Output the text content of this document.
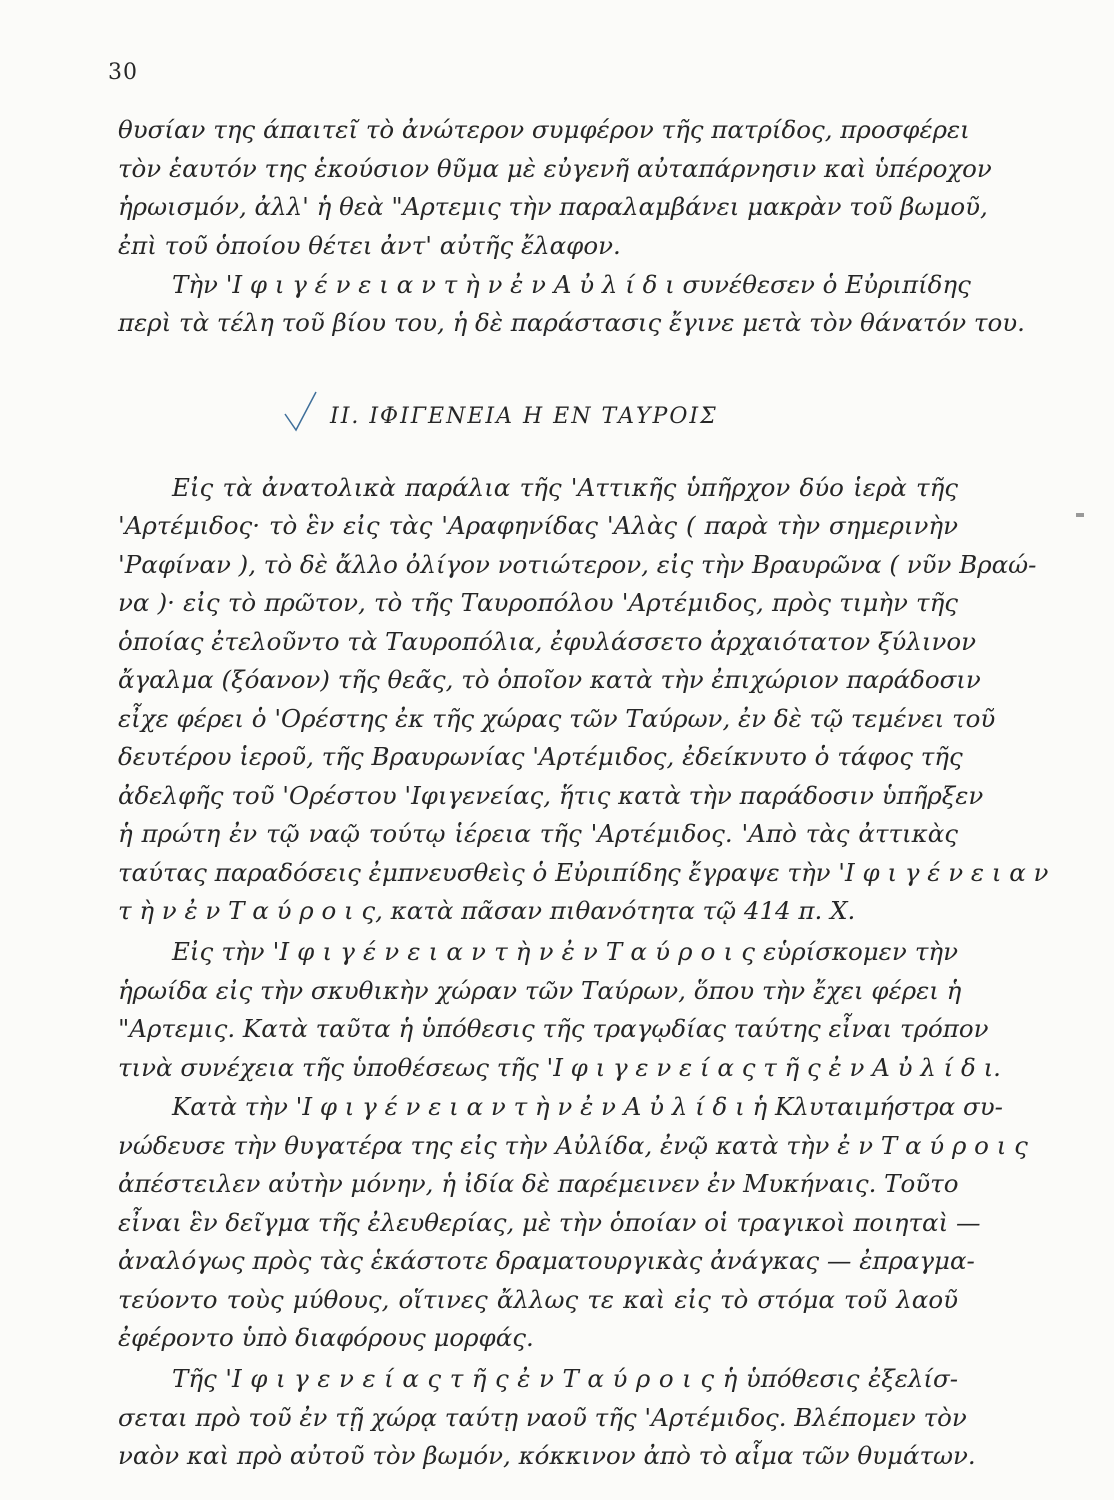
30
θυσίαν της άπαιτεῖ τὸ ἀνώτερον συμφέρον τῆς πατρίδος, προσφέρει
τὸν ἑαυτόν της ἑκούσιον θῦμα μὲ εὐγενῆ αὐταπάρνησιν καὶ ὑπέροχον
ἡρωισμόν, ἀλλ' ἡ θεὰ "Αρτεμις τὴν παραλαμβάνει μακρὰν τοῦ βωμοῦ,
ἐπὶ τοῦ ὁποίου θέτει ἀντ' αὐτῆς ἔλαφον.
Τὴν 'Ι φ ι γ έ ν ε ι α ν τ ὴ ν ἐ ν Α ὐ λ ί δ ι συνέθεσεν ὁ Εὐριπίδης
περὶ τὰ τέλη τοῦ βίου του, ἡ δὲ παράστασις ἔγινε μετὰ τὸν θάνατόν του.
ΙΙ. ΙΦΙΓΕΝΕΙΑ Η ΕΝ ΤΑΥΡΟΙΣ
Εἰς τὰ ἀνατολικὰ παράλια τῆς 'Αττικῆς ὑπῆρχον δύο ἱερὰ τῆς
'Αρτέμιδος· τὸ ἓν εἰς τὰς 'Αραφηνίδας 'Αλὰς ( παρὰ τὴν σημερινὴν
'Ραφίναν ), τὸ δὲ ἄλλο ὀλίγον νοτιώτερον, εἰς τὴν Βραυρῶνα ( νῦν Βραώ-
να )· εἰς τὸ πρῶτον, τὸ τῆς Ταυροπόλου 'Αρτέμιδος, πρὸς τιμὴν τῆς
ὁποίας ἐτελοῦντο τὰ Ταυροπόλια, ἐφυλάσσετο ἀρχαιότατον ξύλινον
ἄγαλμα (ξόανον) τῆς θεᾶς, τὸ ὁποῖον κατὰ τὴν ἐπιχώριον παράδοσιν
εἶχε φέρει ὁ 'Ορέστης ἐκ τῆς χώρας τῶν Ταύρων, ἐν δὲ τῷ τεμένει τοῦ
δευτέρου ἱεροῦ, τῆς Βραυρωνίας 'Αρτέμιδος, ἐδείκνυτο ὁ τάφος τῆς
ἀδελφῆς τοῦ 'Ορέστου 'Ιφιγενείας, ἥτις κατὰ τὴν παράδοσιν ὑπῆρξεν
ἡ πρώτη ἐν τῷ ναῷ τούτῳ ἱέρεια τῆς 'Αρτέμιδος. 'Απὸ τὰς ἀττικὰς
ταύτας παραδόσεις ἐμπνευσθεὶς ὁ Εὐριπίδης ἔγραψε τὴν 'Ι φ ι γ έ ν ε ι α ν
τ ὴ ν ἐ ν Τ α ύ ρ ο ι ς, κατὰ πᾶσαν πιθανότητα τῷ 414 π. Χ.
Εἰς τὴν 'Ι φ ι γ έ ν ε ι α ν τ ὴ ν ἐ ν Τ α ύ ρ ο ι ς εὑρίσκομεν τὴν
ἡρωίδα εἰς τὴν σκυθικὴν χώραν τῶν Ταύρων, ὅπου τὴν ἔχει φέρει ἡ
"Αρτεμις. Κατὰ ταῦτα ἡ ὑπόθεσις τῆς τραγῳδίας ταύτης εἶναι τρόπον
τινὰ συνέχεια τῆς ὑποθέσεως τῆς 'Ι φ ι γ ε ν ε ί α ς τ ῆ ς ἐ ν Α ὐ λ ί δ ι.
Κατὰ τὴν 'Ι φ ι γ έ ν ε ι α ν τ ὴ ν ἐ ν Α ὐ λ ί δ ι ἡ Κλυταιμήστρα συ-
νώδευσε τὴν θυγατέρα της εἰς τὴν Αὐλίδα, ἐνῷ κατὰ τὴν ἐ ν Τ α ύ ρ ο ι ς
ἀπέστειλεν αὐτὴν μόνην, ἡ ἰδία δὲ παρέμεινεν ἐν Μυκήναις. Τοῦτο
εἶναι ἓν δεῖγμα τῆς ἐλευθερίας, μὲ τὴν ὁποίαν οἱ τραγικοὶ ποιηταὶ —
ἀναλόγως πρὸς τὰς ἑκάστοτε δραματουργικὰς ἀνάγκας — ἐπραγμα-
τεύοντο τοὺς μύθους, οἵτινες ἄλλως τε καὶ εἰς τὸ στόμα τοῦ λαοῦ
ἐφέροντο ὑπὸ διαφόρους μορφάς.
Τῆς 'Ι φ ι γ ε ν ε ί α ς τ ῆ ς ἐ ν Τ α ύ ρ ο ι ς ἡ ὑπόθεσις ἐξελίσ-
σεται πρὸ τοῦ ἐν τῇ χώρᾳ ταύτῃ ναοῦ τῆς 'Αρτέμιδος. Βλέπομεν τὸν
ναὸν καὶ πρὸ αὐτοῦ τὸν βωμόν, κόκκινον ἀπὸ τὸ αἷμα τῶν θυμάτων.
